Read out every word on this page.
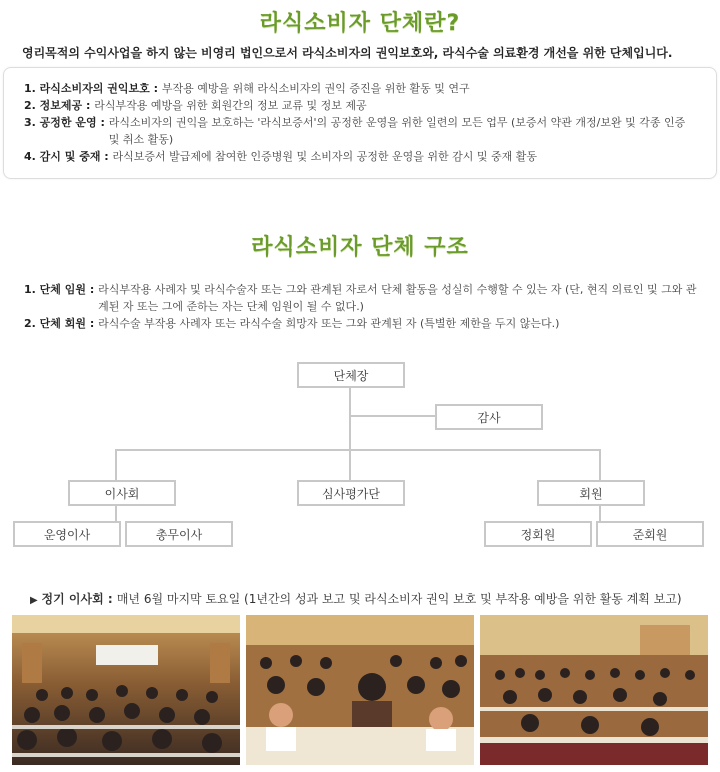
라식소비자 단체란?
영리목적의 수익사업을 하지 않는 비영리 법인으로서 라식소비자의 권익보호와, 라식수술 의료환경 개선을 위한 단체입니다.
1. 라식소비자의 권익보호 : 부작용 예방을 위해 라식소비자의 권익 증진을 위한 활동 및 연구
2. 정보제공 : 라식부작용 예방을 위한 회원간의 정보 교류 및 정보 제공
3. 공정한 운영 : 라식소비자의 권익을 보호하는 '라식보증서'의 공정한 운영을 위한 일련의 모든 업무 (보증서 약관 개정/보완 및 각종 인증 및 취소 활동)
4. 감시 및 중재 : 라식보증서 발급제에 참여한 인증병원 및 소비자의 공정한 운영을 위한 감시 및 중재 활동
라식소비자 단체 구조
1. 단체 임원 : 라식부작용 사례자 및 라식수술자 또는 그와 관계된 자로서 단체 활동을 성실히 수행할 수 있는 자 (단, 현직 의료인 및 그와 관계된 자 또는 그에 준하는 자는 단체 임원이 될 수 없다.)
2. 단체 회원 : 라식수술 부작용 사례자 또는 라식수술 희망자 또는 그와 관계된 자 (특별한 제한을 두지 않는다.)
단체장
감사
이사회	심사평가단	회원
운영이사	총무이사	정회원	준회원
▶ 정기 이사회 : 매년 6월 마지막 토요일 (1년간의 성과 보고 및 라식소비자 권익 보호 및 부작용 예방을 위한 활동 계획 보고)
